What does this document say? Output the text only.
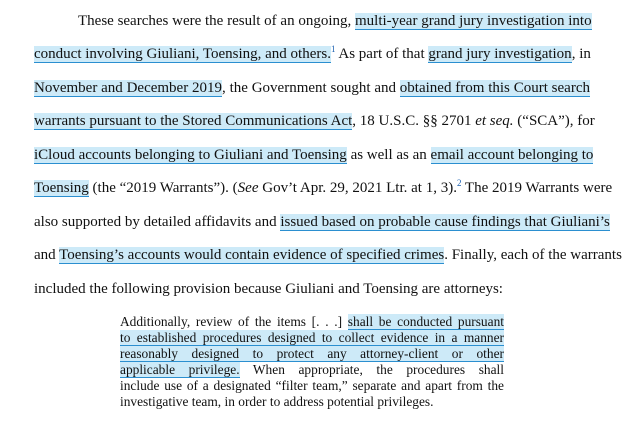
These searches were the result of an ongoing, multi-year grand jury investigation into
conduct involving Giuliani, Toensing, and others.$^1$ As part of that grand jury investigation, in
November and December 2019, the Government sought and obtained from this Court search
warrants pursuant to the Stored Communications Act, 18 U.S.C. §§ 2701 et seq. (“SCA”), for
iCloud accounts belonging to Giuliani and Toensing as well as an email account belonging to
Toensing (the “2019 Warrants”). (See Gov’t Apr. 29, 2021 Ltr. at 1, 3).$^2$ The 2019 Warrants were
also supported by detailed affidavits and issued based on probable cause findings that Giuliani’s
and Toensing’s accounts would contain evidence of specified crimes. Finally, each of the warrants
included the following provision because Giuliani and Toensing are attorneys:
Additionally, review of the items [. . .] shall be conducted pursuant
to established procedures designed to collect evidence in a manner
reasonably designed to protect any attorney-client or other
applicable privilege. When appropriate, the procedures shall
include use of a designated “filter team,” separate and apart from the
investigative team, in order to address potential privileges.
